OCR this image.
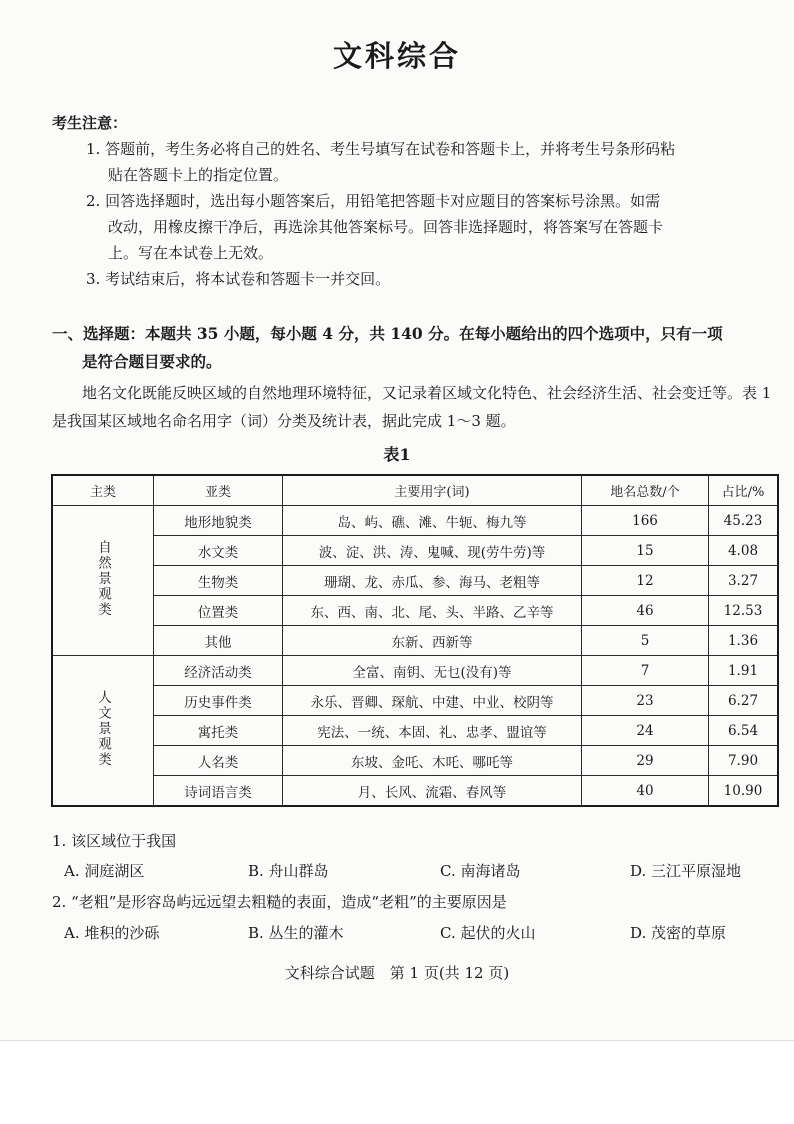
文科综合
考生注意：

1. 答题前，考生务必将自己的姓名、考生号填写在试卷和答题卡上，并将考生号条形码粘

贴在答题卡上的指定位置。

2. 回答选择题时，选出每小题答案后，用铅笔把答题卡对应题目的答案标号涂黑。如需

改动，用橡皮擦干净后，再选涂其他答案标号。回答非选择题时，将答案写在答题卡

上。写在本试卷上无效。

3. 考试结束后，将本试卷和答题卡一并交回。

一、选择题：本题共 35 小题，每小题 4 分，共 140 分。在每小题给出的四个选项中，只有一项
是符合题目要求的。
地名文化既能反映区域的自然地理环境特征，又记录着区域文化特色、社会经济生活、社会变迁等。表 1 是我国某区域地名命名用字（词）分类及统计表，据此完成 1～3 题。
表1
主类	亚类	主要用字(词)	地名总数/个	占比/%
自然景观类	地形地貌类	岛、屿、礁、滩、牛轭、梅九等	166	45.23
	水文类	波、淀、洪、涛、鬼喊、现(劳牛劳)等	15	4.08
	生物类	珊瑚、龙、赤瓜、参、海马、老粗等	12	3.27
	位置类	东、西、南、北、尾、头、半路、乙辛等	46	12.53
	其他	东新、西新等	5	1.36
人文景观类	经济活动类	全富、南钥、无乜(没有)等	7	1.91
	历史事件类	永乐、晋卿、琛航、中建、中业、校阴等	23	6.27
	寓托类	宪法、一统、本固、礼、忠孝、盟谊等	24	6.54
	人名类	东坡、金吒、木吒、哪吒等	29	7.90
	诗词语言类	月、长风、流霜、春风等	40	10.90
1. 该区域位于我国
A. 洞庭湖区	B. 舟山群岛	C. 南海诸岛	D. 三江平原湿地
2. “老粗”是形容岛屿远远望去粗糙的表面，造成“老粗”的主要原因是
A. 堆积的沙砾	B. 丛生的灌木	C. 起伏的火山	D. 茂密的草原
文科综合试题　第 1 页(共 12 页)
